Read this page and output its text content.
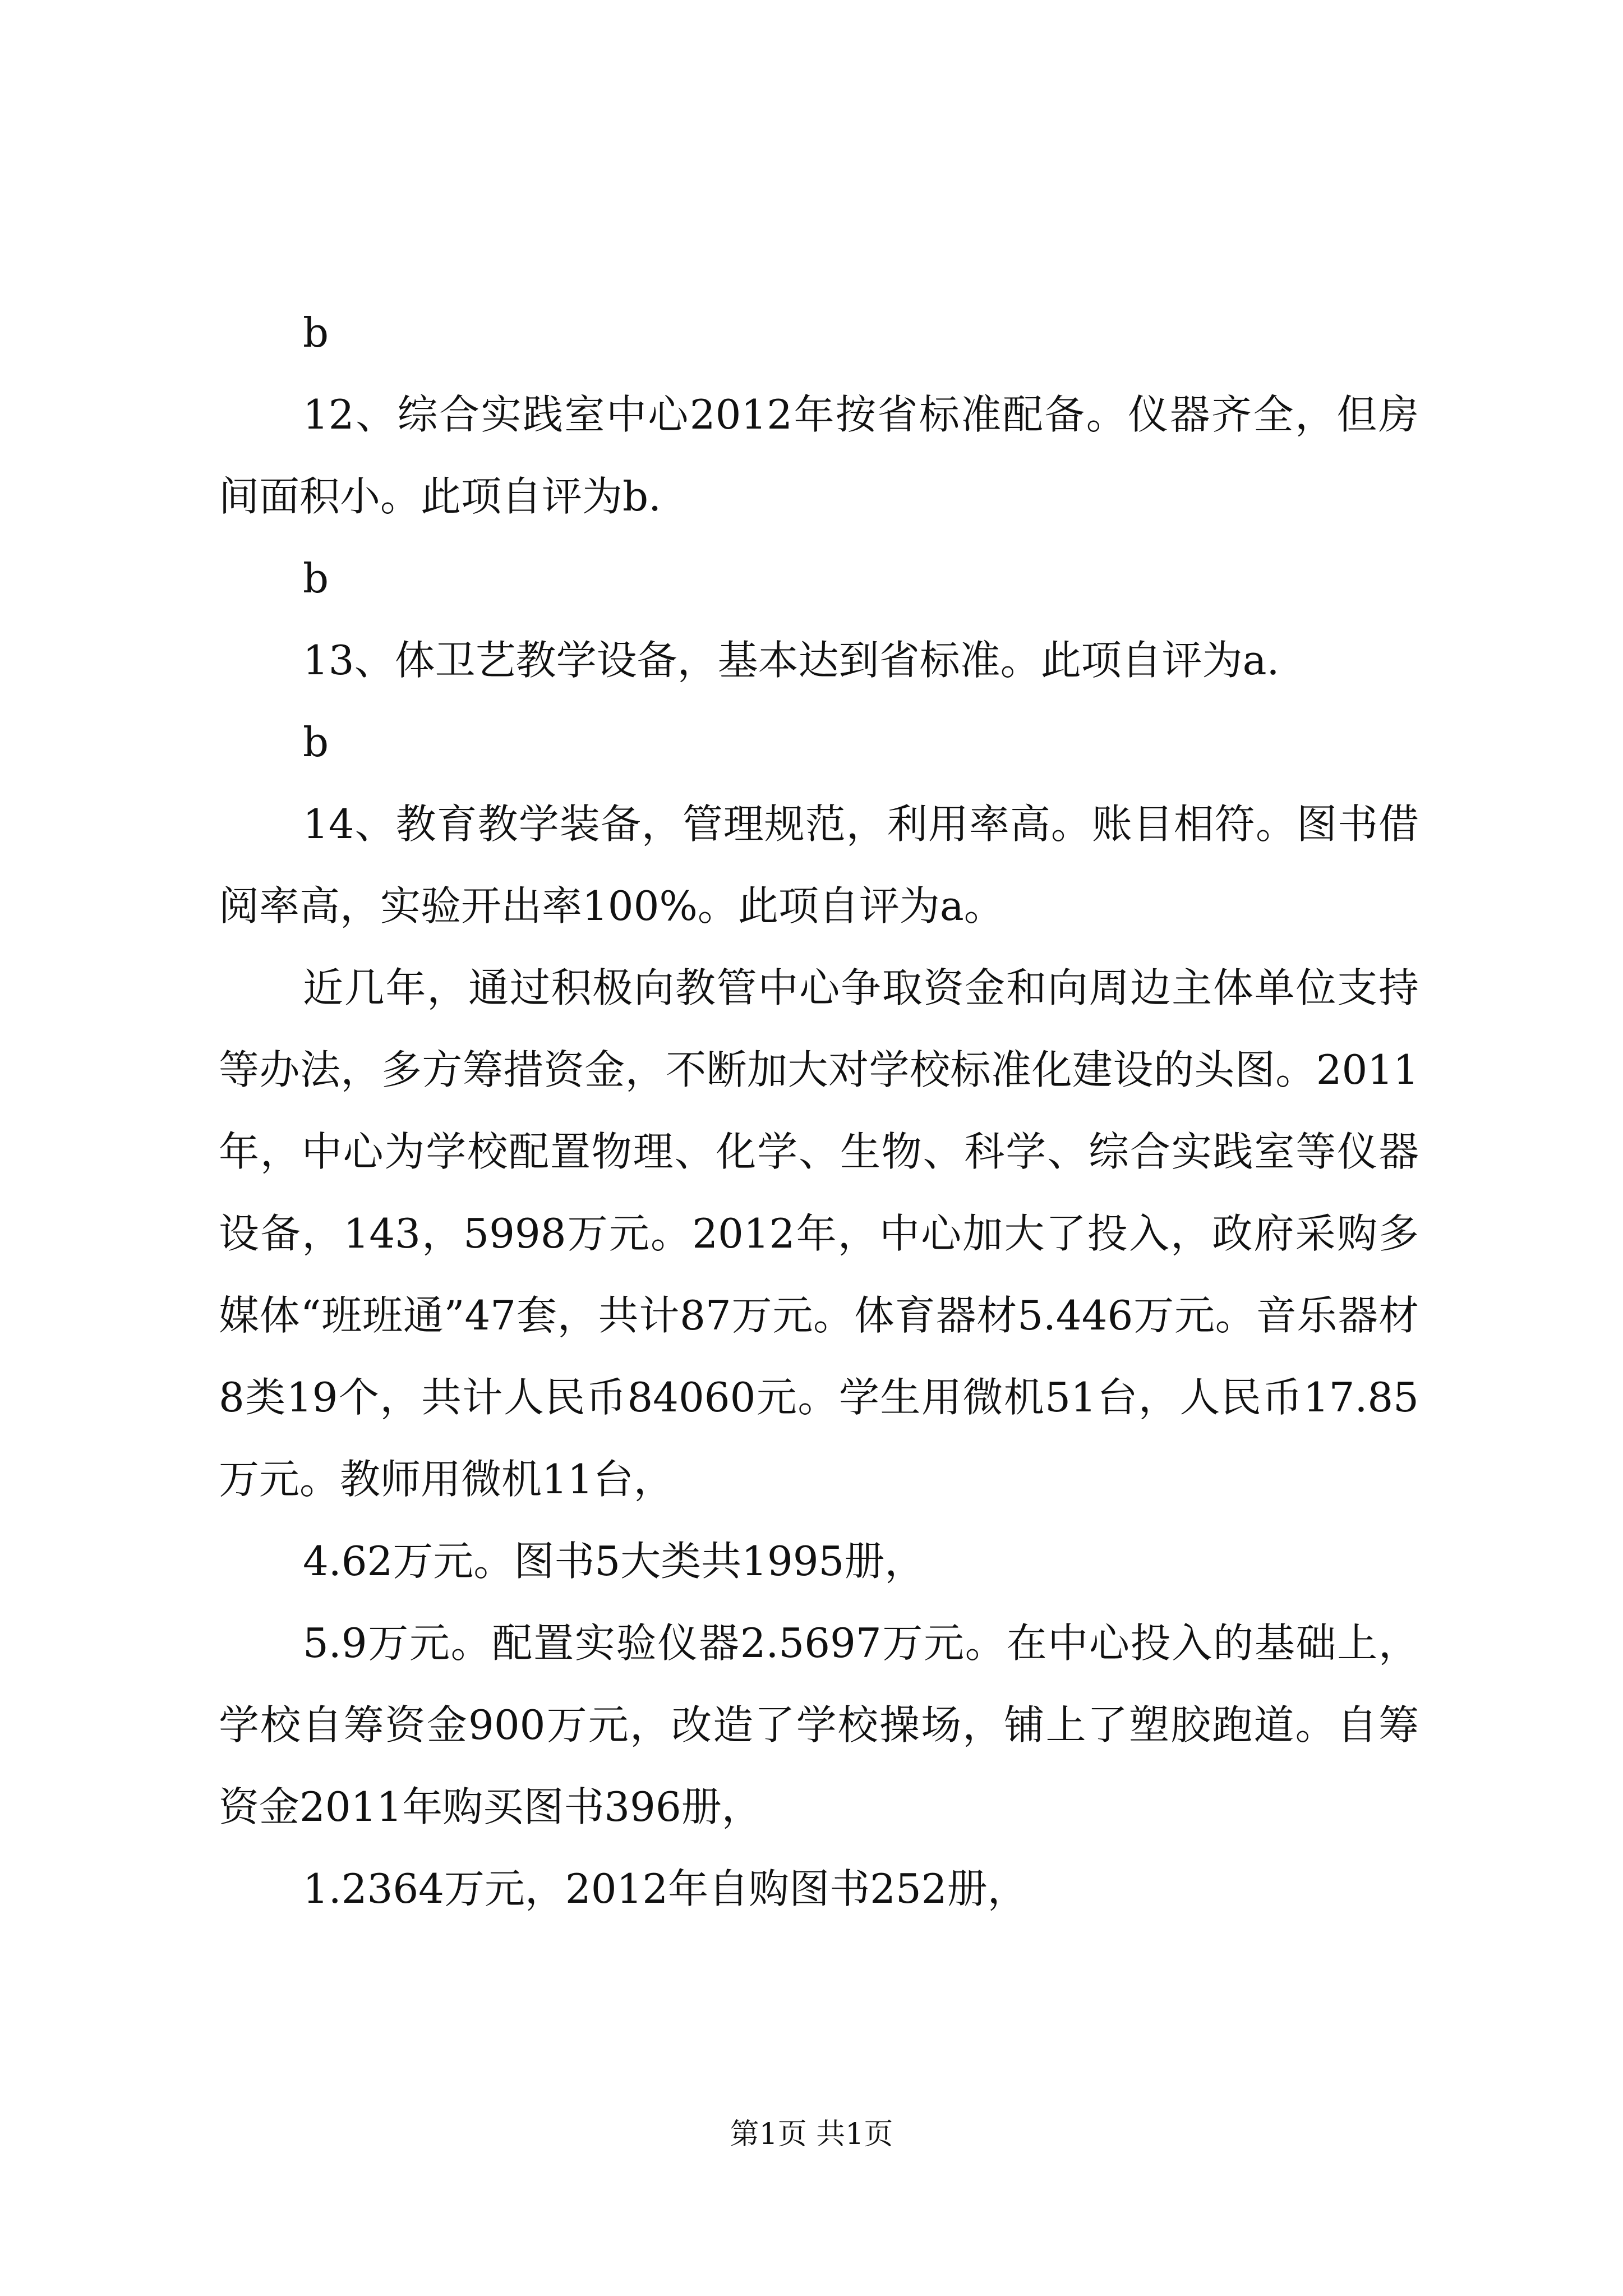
b

12、综合实践室中心2012年按省标准配备。仪器齐全，但房间面积小。此项自评为b.

b

13、体卫艺教学设备，基本达到省标准。此项自评为a.

b

14、教育教学装备，管理规范，利用率高。账目相符。图书借阅率高，实验开出率100%。此项自评为a。

近几年，通过积极向教管中心争取资金和向周边主体单位支持等办法，多方筹措资金，不断加大对学校标准化建设的头图。2011年，中心为学校配置物理、化学、生物、科学、综合实践室等仪器设备，143，5998万元。2012年，中心加大了投入，政府采购多媒体“班班通”47套，共计87万元。体育器材5.446万元。音乐器材8类19个，共计人民币84060元。学生用微机51台，人民币17.85万元。教师用微机11台，

4.62万元。图书5大类共1995册，

5.9万元。配置实验仪器2.5697万元。在中心投入的基础上，学校自筹资金900万元，改造了学校操场，铺上了塑胶跑道。自筹资金2011年购买图书396册，

1.2364万元，2012年自购图书252册，

第1页 共1页
